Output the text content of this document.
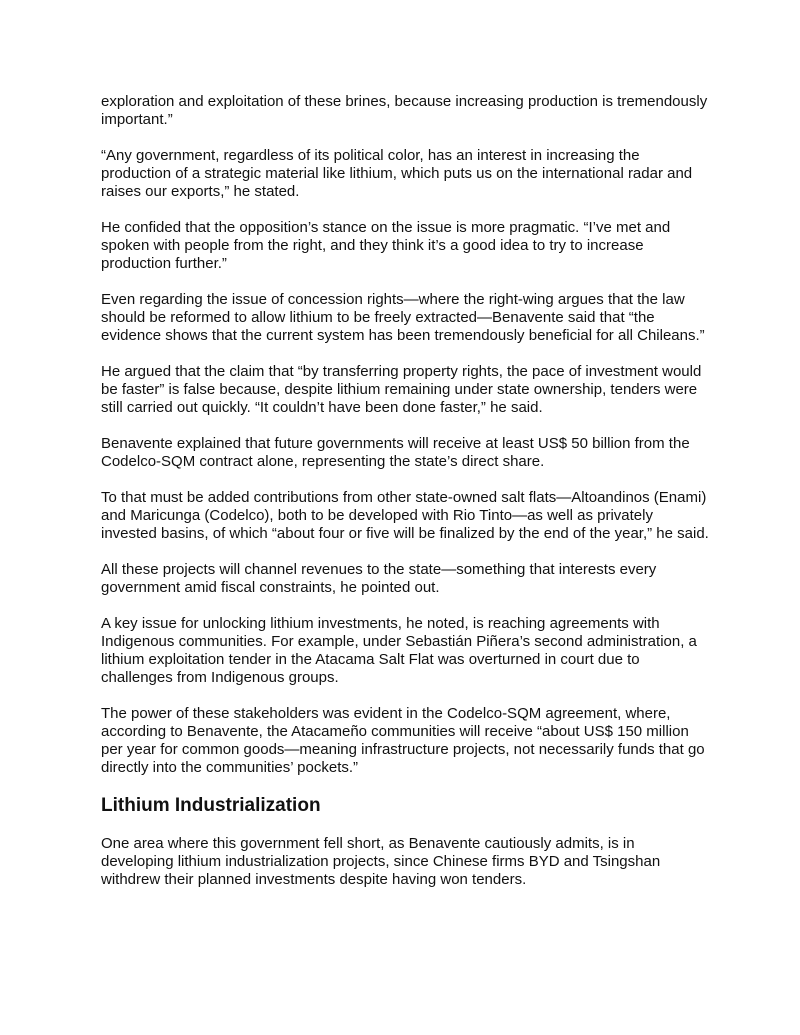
exploration and exploitation of these brines, because increasing production is tremendously important.”

“Any government, regardless of its political color, has an interest in increasing the production of a strategic material like lithium, which puts us on the international radar and raises our exports,” he stated.

He confided that the opposition’s stance on the issue is more pragmatic. “I’ve met and spoken with people from the right, and they think it’s a good idea to try to increase production further.”

Even regarding the issue of concession rights—where the right-wing argues that the law should be reformed to allow lithium to be freely extracted—Benavente said that “the evidence shows that the current system has been tremendously beneficial for all Chileans.”

He argued that the claim that “by transferring property rights, the pace of investment would be faster” is false because, despite lithium remaining under state ownership, tenders were still carried out quickly. “It couldn’t have been done faster,” he said.

Benavente explained that future governments will receive at least US$ 50 billion from the Codelco-SQM contract alone, representing the state’s direct share.

To that must be added contributions from other state-owned salt flats—Altoandinos (Enami) and Maricunga (Codelco), both to be developed with Rio Tinto—as well as privately invested basins, of which “about four or five will be finalized by the end of the year,” he said.

All these projects will channel revenues to the state—something that interests every government amid fiscal constraints, he pointed out.

A key issue for unlocking lithium investments, he noted, is reaching agreements with Indigenous communities. For example, under Sebastián Piñera’s second administration, a lithium exploitation tender in the Atacama Salt Flat was overturned in court due to challenges from Indigenous groups.

The power of these stakeholders was evident in the Codelco-SQM agreement, where, according to Benavente, the Atacameño communities will receive “about US$ 150 million per year for common goods—meaning infrastructure projects, not necessarily funds that go directly into the communities’ pockets.”

Lithium Industrialization

One area where this government fell short, as Benavente cautiously admits, is in developing lithium industrialization projects, since Chinese firms BYD and Tsingshan withdrew their planned investments despite having won tenders.
